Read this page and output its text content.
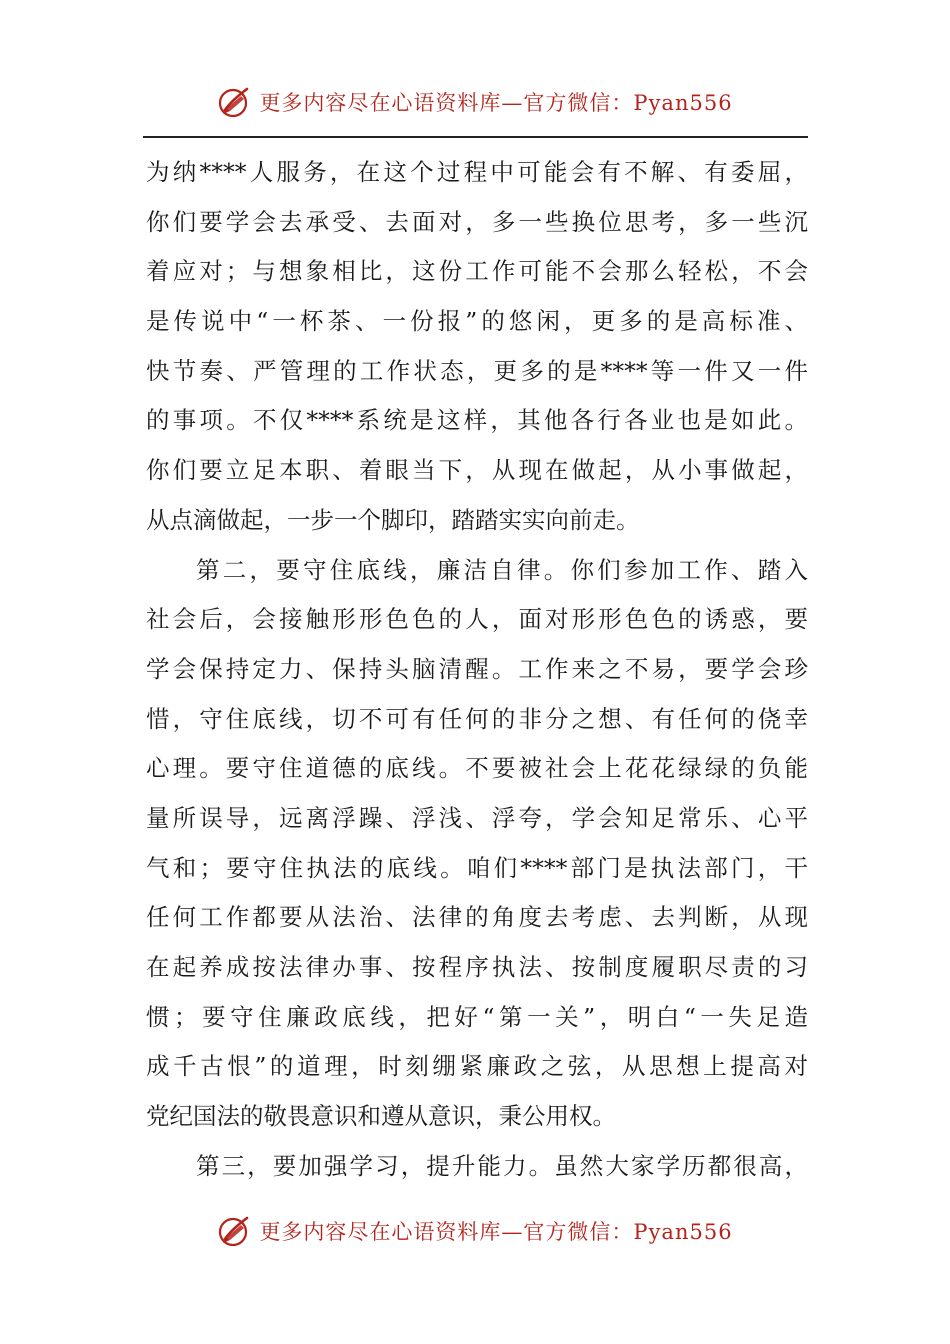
更多内容尽在心语资料库—官方微信：Pyan556
为纳****人服务，在这个过程中可能会有不解、有委屈，
你们要学会去承受、去面对，多一些换位思考，多一些沉
着应对；与想象相比，这份工作可能不会那么轻松，不会
是传说中“一杯茶、一份报”的悠闲，更多的是高标准、
快节奏、严管理的工作状态，更多的是****等一件又一件
的事项。不仅****系统是这样，其他各行各业也是如此。
你们要立足本职、着眼当下，从现在做起，从小事做起，
从点滴做起，一步一个脚印，踏踏实实向前走。
第二，要守住底线，廉洁自律。你们参加工作、踏入
社会后，会接触形形色色的人，面对形形色色的诱惑，要
学会保持定力、保持头脑清醒。工作来之不易，要学会珍
惜，守住底线，切不可有任何的非分之想、有任何的侥幸
心理。要守住道德的底线。不要被社会上花花绿绿的负能
量所误导，远离浮躁、浮浅、浮夸，学会知足常乐、心平
气和；要守住执法的底线。咱们****部门是执法部门，干
任何工作都要从法治、法律的角度去考虑、去判断，从现
在起养成按法律办事、按程序执法、按制度履职尽责的习
惯；要守住廉政底线，把好“第一关”，明白“一失足造
成千古恨”的道理，时刻绷紧廉政之弦，从思想上提高对
党纪国法的敬畏意识和遵从意识，秉公用权。
第三，要加强学习，提升能力。虽然大家学历都很高，
更多内容尽在心语资料库—官方微信：Pyan556
